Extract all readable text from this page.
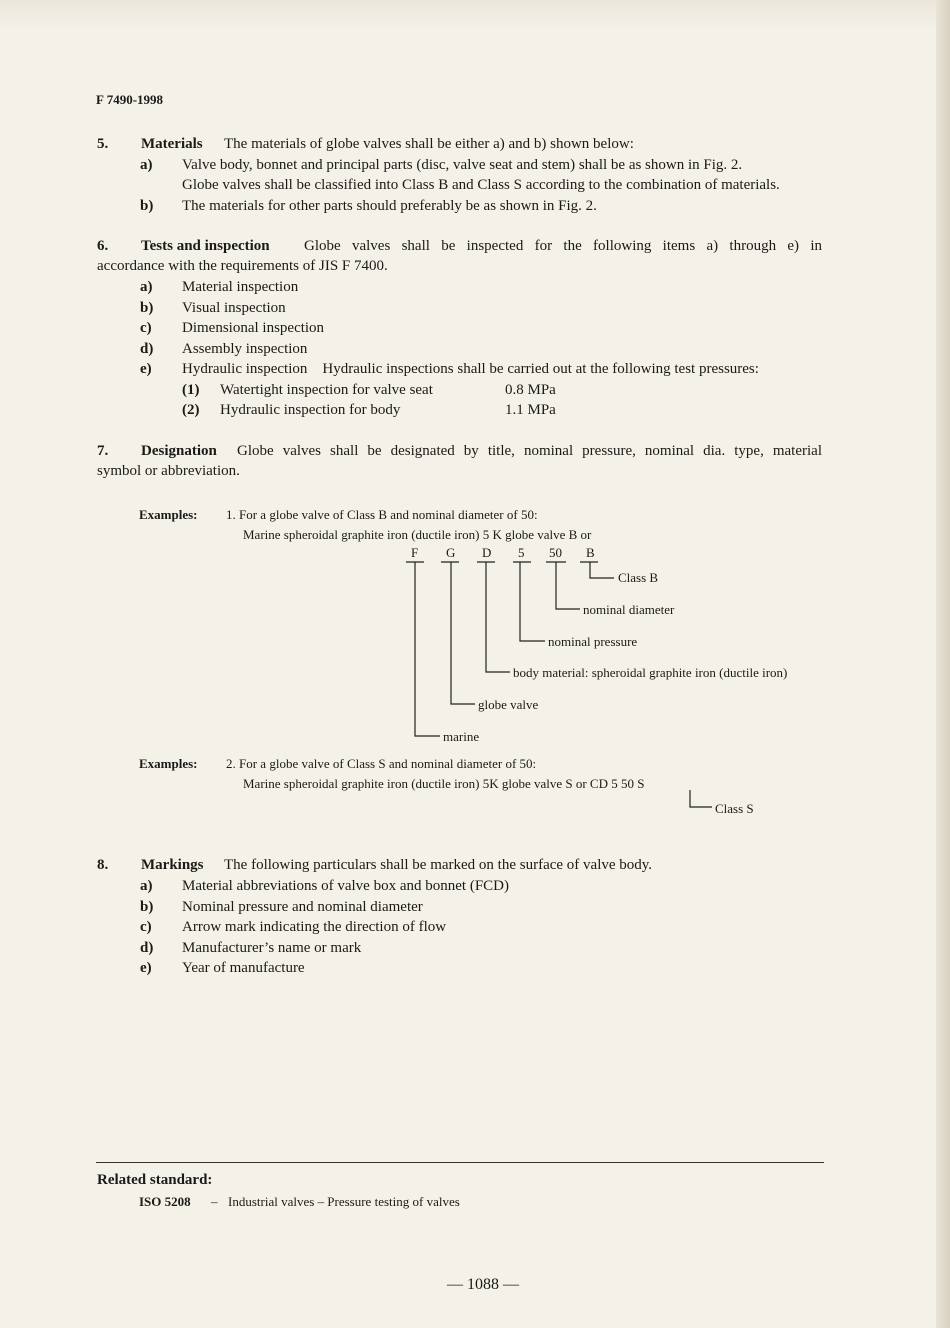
F 7490-1998
5. Materials The materials of globe valves shall be either a) and b) shown below:
a) Valve body, bonnet and principal parts (disc, valve seat and stem) shall be as shown in Fig. 2.
Globe valves shall be classified into Class B and Class S according to the combination of materials.
b) The materials for other parts should preferably be as shown in Fig. 2.
6. Tests and inspection Globe valves shall be inspected for the following items a) through e) in
accordance with the requirements of JIS F 7400.
a) Material inspection
b) Visual inspection
c) Dimensional inspection
d) Assembly inspection
e) Hydraulic inspection    Hydraulic inspections shall be carried out at the following test pressures:
(1) Watertight inspection for valve seat	0.8 MPa
(2) Hydraulic inspection for body	1.1 MPa
7. Designation Globe valves shall be designated by title, nominal pressure, nominal dia. type, material
symbol or abbreviation.
Examples: 1. For a globe valve of Class B and nominal diameter of 50:
Marine spheroidal graphite iron (ductile iron) 5 K globe valve B or
F G D 5 50 B
Class B
nominal diameter
nominal pressure
body material: spheroidal graphite iron (ductile iron)
globe valve
marine
Examples: 2. For a globe valve of Class S and nominal diameter of 50:
Marine spheroidal graphite iron (ductile iron) 5K globe valve S or CD 5 50 S
Class S
8. Markings The following particulars shall be marked on the surface of valve body.
a) Material abbreviations of valve box and bonnet (FCD)
b) Nominal pressure and nominal diameter
c) Arrow mark indicating the direction of flow
d) Manufacturer’s name or mark
e) Year of manufacture
Related standard:
ISO 5208 – Industrial valves – Pressure testing of valves
— 1088 —
